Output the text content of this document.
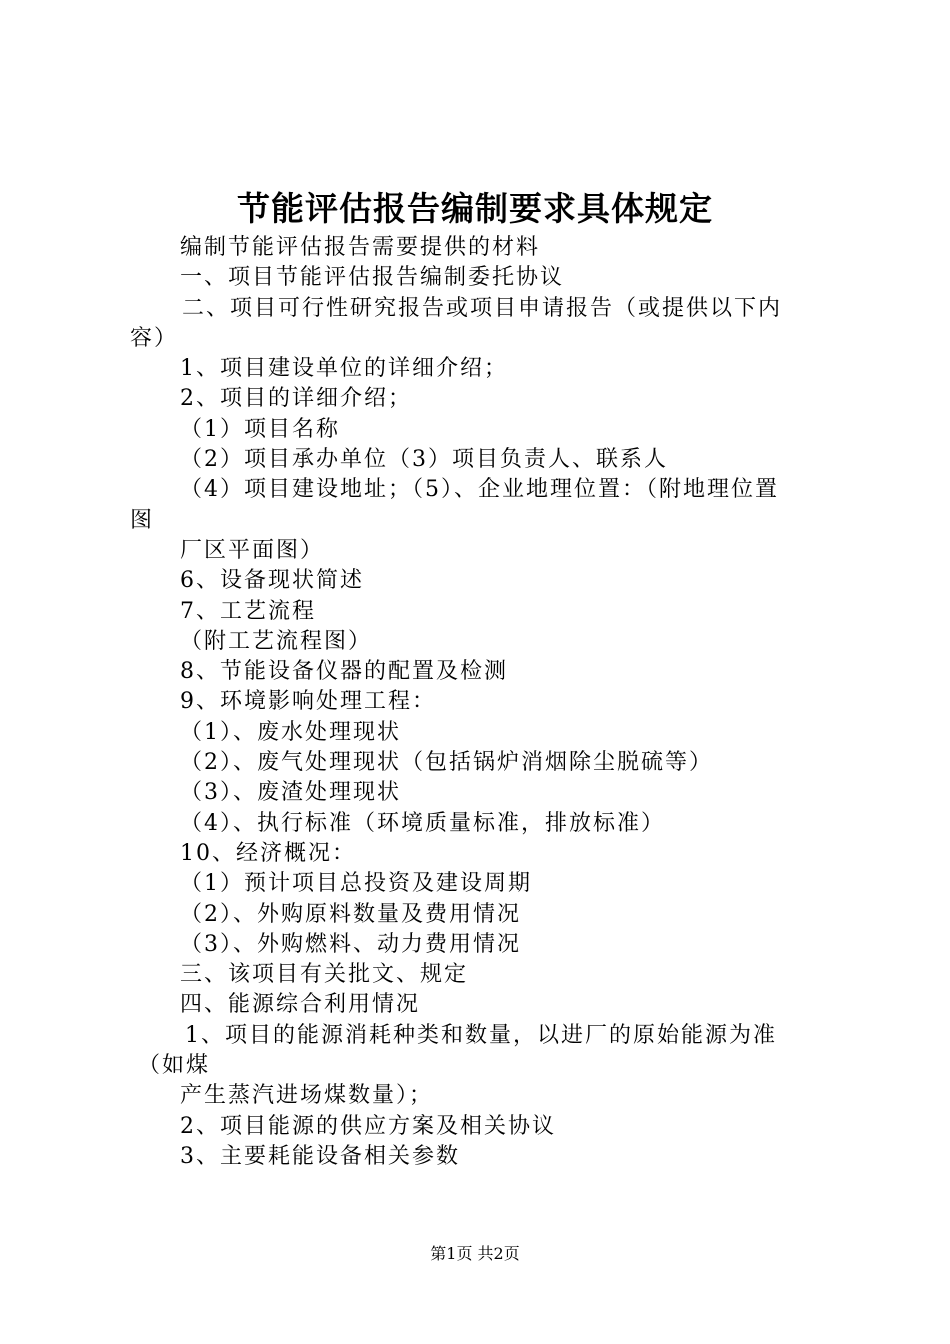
节能评估报告编制要求具体规定
编制节能评估报告需要提供的材料
一、项目节能评估报告编制委托协议
二、项目可行性研究报告或项目申请报告（或提供以下内
容）
1、项目建设单位的详细介绍；
2、项目的详细介绍；
（1）项目名称
（2）项目承办单位（3）项目负责人、联系人
（4）项目建设地址；（5）、企业地理位置：（附地理位置
图
厂区平面图）
6、设备现状简述
7、工艺流程
（附工艺流程图）
8、节能设备仪器的配置及检测
9、环境影响处理工程：
（1）、废水处理现状
（2）、废气处理现状（包括锅炉消烟除尘脱硫等）
（3）、废渣处理现状
（4）、执行标准（环境质量标准，排放标准）
10、经济概况：
（1）预计项目总投资及建设周期
（2）、外购原料数量及费用情况
（3）、外购燃料、动力费用情况
三、该项目有关批文、规定
四、能源综合利用情况
1、项目的能源消耗种类和数量，以进厂的原始能源为准
（如煤
产生蒸汽进场煤数量）；
2、项目能源的供应方案及相关协议
3、主要耗能设备相关参数
第1页 共2页
